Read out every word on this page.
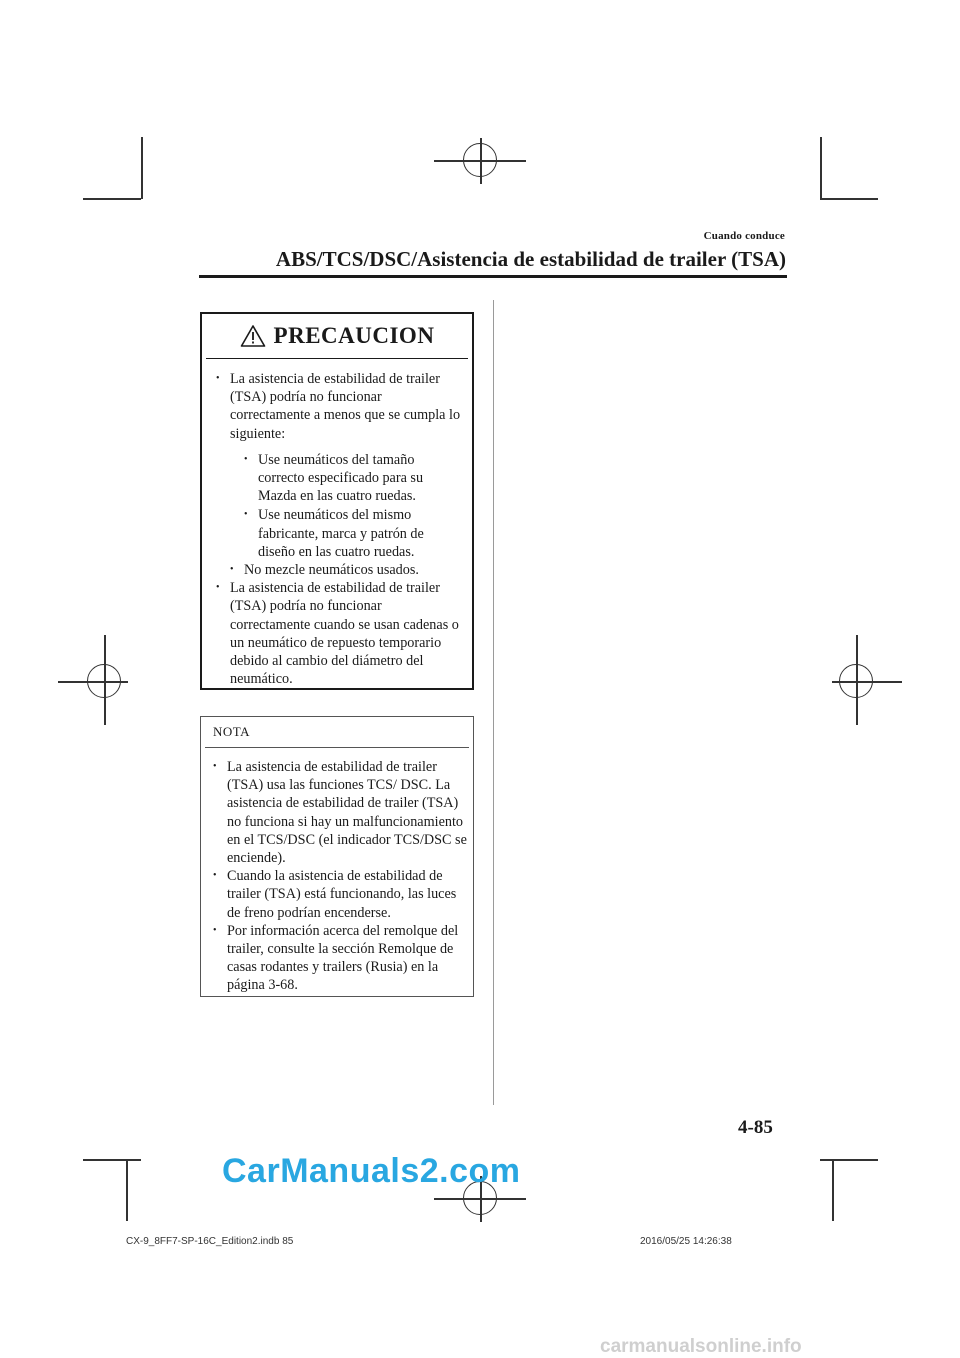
Cuando conduce
ABS/TCS/DSC/Asistencia de estabilidad de trailer (TSA)
PRECAUCION
• La asistencia de estabilidad de trailer (TSA) podría no funcionar correctamente a menos que se cumpla lo siguiente:
• Use neumáticos del tamaño correcto especificado para su Mazda en las cuatro ruedas.
• Use neumáticos del mismo fabricante, marca y patrón de diseño en las cuatro ruedas.
• No mezcle neumáticos usados.
• La asistencia de estabilidad de trailer (TSA) podría no funcionar correctamente cuando se usan cadenas o un neumático de repuesto temporario debido al cambio del diámetro del neumático.
NOTA
• La asistencia de estabilidad de trailer (TSA) usa las funciones TCS/ DSC. La asistencia de estabilidad de trailer (TSA) no funciona si hay un malfuncionamiento en el TCS/DSC (el indicador TCS/DSC se enciende).
• Cuando la asistencia de estabilidad de trailer (TSA) está funcionando, las luces de freno podrían encenderse.
• Por información acerca del remolque del trailer, consulte la sección Remolque de casas rodantes y trailers (Rusia) en la página 3-68.
4-85
CarManuals2.com
CX-9_8FF7-SP-16C_Edition2.indb 85	2016/05/25 14:26:38
carmanualsonline.info
